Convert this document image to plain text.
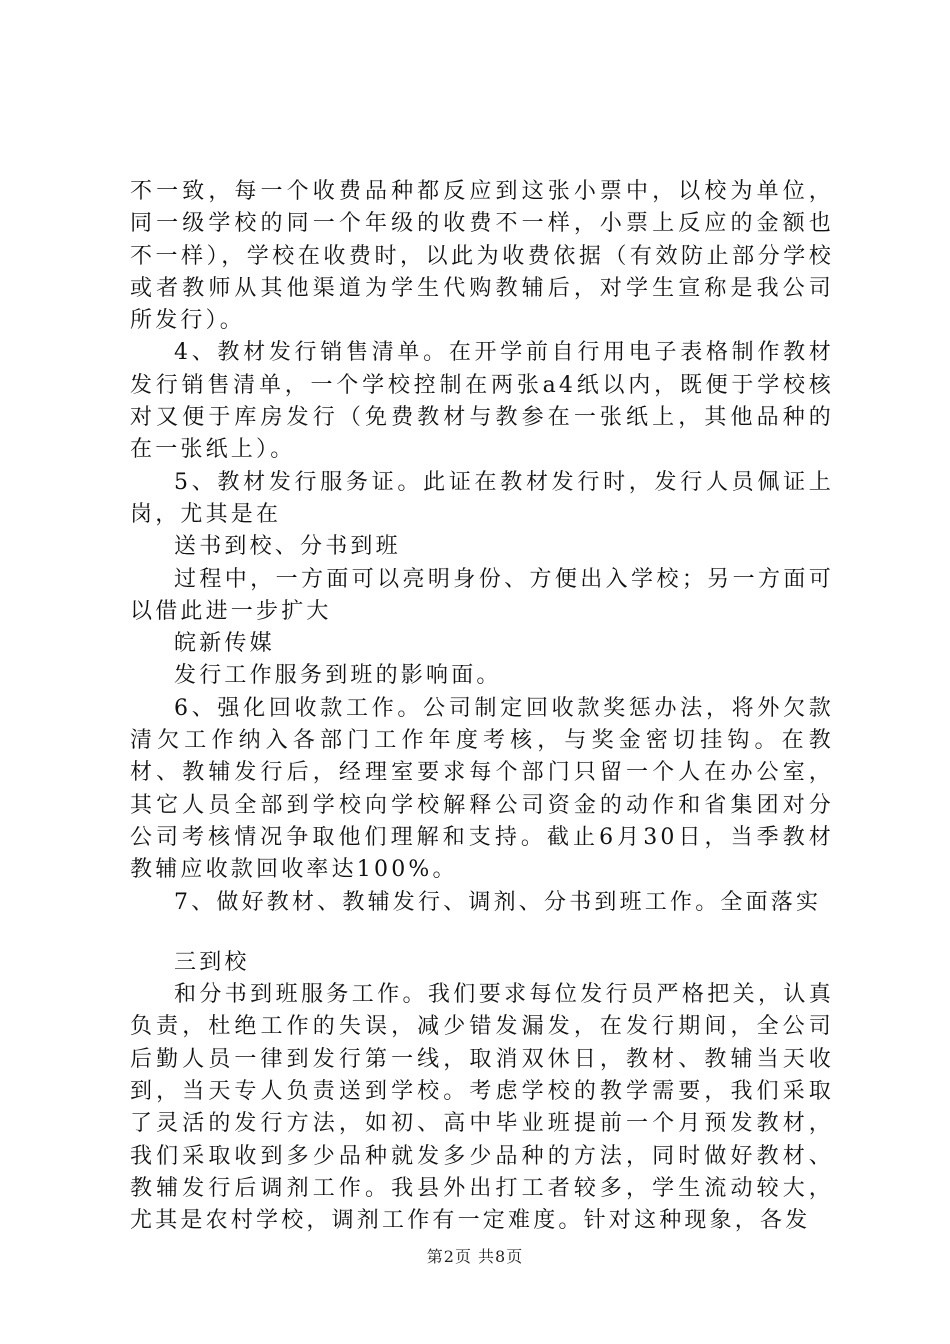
不一致，每一个收费品种都反应到这张小票中，以校为单位，同一级学校的同一个年级的收费不一样，小票上反应的金额也不一样），学校在收费时，以此为收费依据（有效防止部分学校或者教师从其他渠道为学生代购教辅后，对学生宣称是我公司所发行）。

4、教材发行销售清单。在开学前自行用电子表格制作教材发行销售清单，一个学校控制在两张a4纸以内，既便于学校核对又便于库房发行（免费教材与教参在一张纸上，其他品种的在一张纸上）。

5、教材发行服务证。此证在教材发行时，发行人员佩证上岗，尤其是在

送书到校、分书到班

过程中，一方面可以亮明身份、方便出入学校；另一方面可以借此进一步扩大

皖新传媒

发行工作服务到班的影响面。

6、强化回收款工作。公司制定回收款奖惩办法，将外欠款清欠工作纳入各部门工作年度考核，与奖金密切挂钩。在教材、教辅发行后，经理室要求每个部门只留一个人在办公室，其它人员全部到学校向学校解释公司资金的动作和省集团对分公司考核情况争取他们理解和支持。截止6月30日，当季教材教辅应收款回收率达100%。

7、做好教材、教辅发行、调剂、分书到班工作。全面落实

三到校

和分书到班服务工作。我们要求每位发行员严格把关，认真负责，杜绝工作的失误，减少错发漏发，在发行期间，全公司后勤人员一律到发行第一线，取消双休日，教材、教辅当天收到，当天专人负责送到学校。考虑学校的教学需要，我们采取了灵活的发行方法，如初、高中毕业班提前一个月预发教材，我们采取收到多少品种就发多少品种的方法，同时做好教材、教辅发行后调剂工作。我县外出打工者较多，学生流动较大，尤其是农村学校，调剂工作有一定难度。针对这种现象，各发

第2页 共8页
